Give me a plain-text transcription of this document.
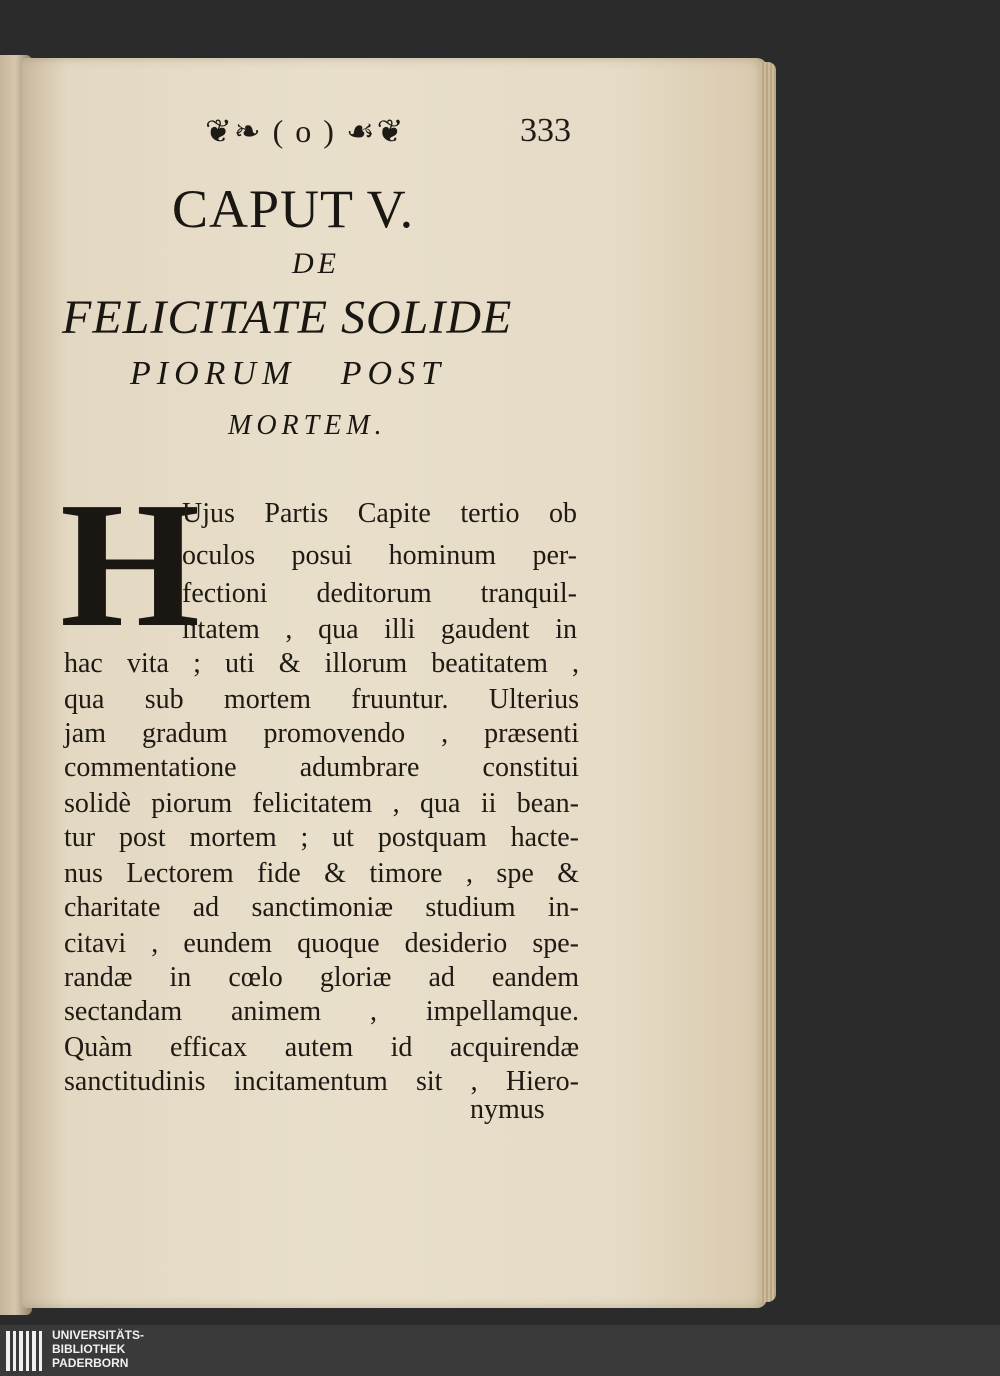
❦❧ ( o ) ☙❦	333
CAPUT V.
DE
FELICITATE SOLIDE
PIORUM POST
MORTEM.
H
Ujus Partis Capite tertio ob
oculos posui hominum per-
fectioni deditorum tranquil-
litatem , qua illi gaudent in
hac vita ; uti & illorum beatitatem ,
qua sub mortem fruuntur. Ulterius
jam gradum promovendo , præsenti
commentatione adumbrare constitui
solidè piorum felicitatem , qua ii bean-
tur post mortem ; ut postquam hacte-
nus Lectorem fide & timore , spe &
charitate ad sanctimoniæ studium in-
citavi , eundem quoque desiderio spe-
randæ in cœlo gloriæ ad eandem
sectandam animem , impellamque.
Quàm efficax autem id acquirendæ
sanctitudinis incitamentum sit , Hiero-
nymus
UNIVERSITÄTS-
BIBLIOTHEK
PADERBORN
